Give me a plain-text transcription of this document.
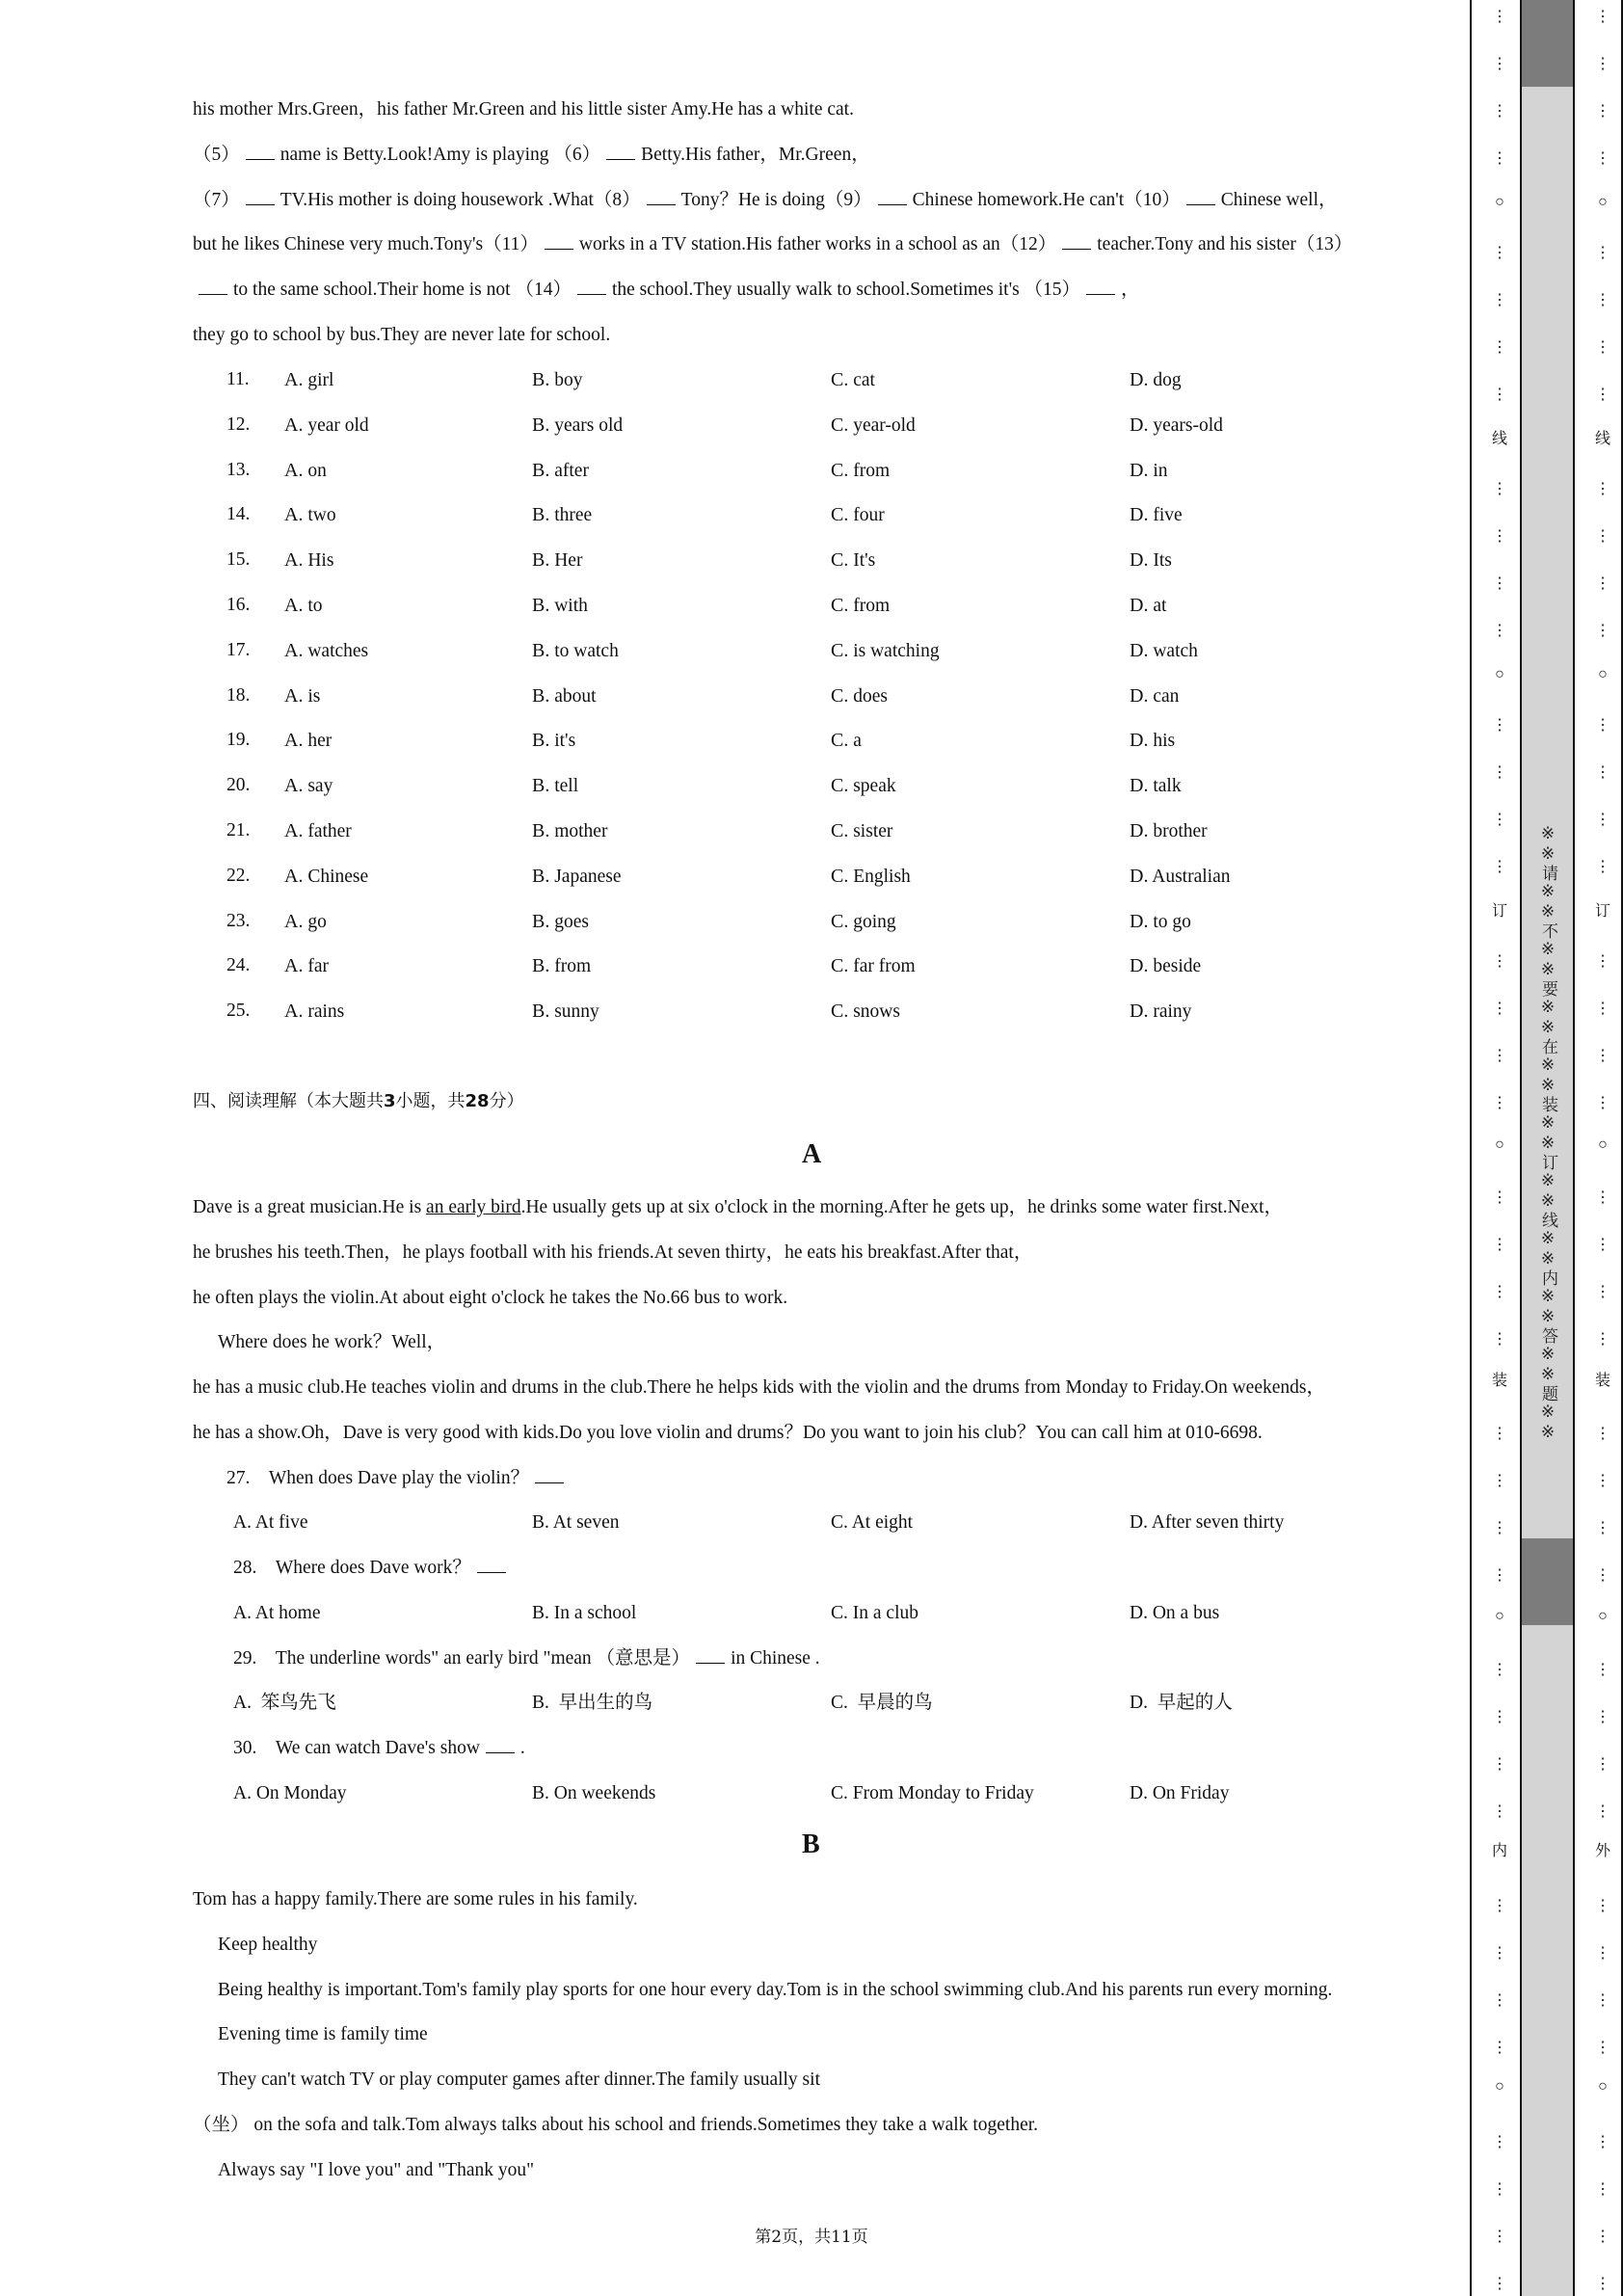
his mother Mrs.Green，his father Mr.Green and his little sister Amy.He has a white cat.
（5） name is Betty.Look!Amy is playing （6） Betty.His father，Mr.Green，
（7） TV.His mother is doing housework .What（8） Tony？He is doing（9） Chinese homework.He can't（10） Chinese well，
but he likes Chinese very much.Tony's（11） works in a TV station.His father works in a school as an（12） teacher.Tony and his sister（13）
to the same school.Their home is not （14） the school.They usually walk to school.Sometimes it's （15） ，
they go to school by bus.They are never late for school.
11. A. girl	B. boy	C. cat	D. dog
12. A. year old	B. years old	C. year-old	D. years-old
13. A. on	B. after	C. from	D. in
14. A. two	B. three	C. four	D. five
15. A. His	B. Her	C. It's	D. Its
16. A. to	B. with	C. from	D. at
17. A. watches	B. to watch	C. is watching	D. watch
18. A. is	B. about	C. does	D. can
19. A. her	B. it's	C. a	D. his
20. A. say	B. tell	C. speak	D. talk
21. A. father	B. mother	C. sister	D. brother
22. A. Chinese	B. Japanese	C. English	D. Australian
23. A. go	B. goes	C. going	D. to go
24. A. far	B. from	C. far from	D. beside
25. A. rains	B. sunny	C. snows	D. rainy
四、阅读理解（本大题共3小题，共28分）
A
Dave is a great musician.He is an early bird.He usually gets up at six o'clock in the morning.After he gets up，he drinks some water first.Next，
he brushes his teeth.Then，he plays football with his friends.At seven thirty，he eats his breakfast.After that，
he often plays the violin.At about eight o'clock he takes the No.66 bus to work.
Where does he work？Well，
he has a music club.He teaches violin and drums in the club.There he helps kids with the violin and the drums from Monday to Friday.On weekends，
he has a show.Oh，Dave is very good with kids.Do you love violin and drums？Do you want to join his club？You can call him at 010-6698.
27.　When does Dave play the violin？
A. At five	B. At seven	C. At eight	D. After seven thirty
28.　Where does Dave work？
A. At home	B. In a school	C. In a club	D. On a bus
29.　The underline words" an early bird "mean （意思是） in Chinese .
A. 笨鸟先飞	B. 早出生的鸟	C. 早晨的鸟	D. 早起的人
30.　We can watch Dave's show .
A. On Monday	B. On weekends	C. From Monday to Friday	D. On Friday
B
Tom has a happy family.There are some rules in his family.
Keep healthy
Being healthy is important.Tom's family play sports for one hour every day.Tom is in the school swimming club.And his parents run every morning.
Evening time is family time
They can't watch TV or play computer games after dinner.The family usually sit
（坐） on the sofa and talk.Tom always talks about his school and friends.Sometimes they take a walk together.
Always say "I love you" and "Thank you"
第2页，共11页
⋮
⋮
⋮
⋮
⋮
⋮
⋮
⋮
⋮
⋮
⋮
⋮
⋮
⋮
⋮
⋮
⋮
⋮
⋮
⋮
⋮
⋮
⋮
⋮
⋮
⋮
⋮
⋮
⋮
⋮
⋮
⋮
⋮
⋮
⋮
⋮
⋮
⋮
⋮
⋮
○
○
○
○
○
线
订
装
内
※※请※※不※※要※※在※※装※※订※※线※※内※※答※※题※※
⋮
⋮
⋮
⋮
⋮
⋮
⋮
⋮
⋮
⋮
⋮
⋮
⋮
⋮
⋮
⋮
⋮
⋮
⋮
⋮
⋮
⋮
⋮
⋮
⋮
⋮
⋮
⋮
⋮
⋮
⋮
⋮
⋮
⋮
⋮
⋮
⋮
⋮
⋮
⋮
○
○
○
○
○
线
订
装
外
